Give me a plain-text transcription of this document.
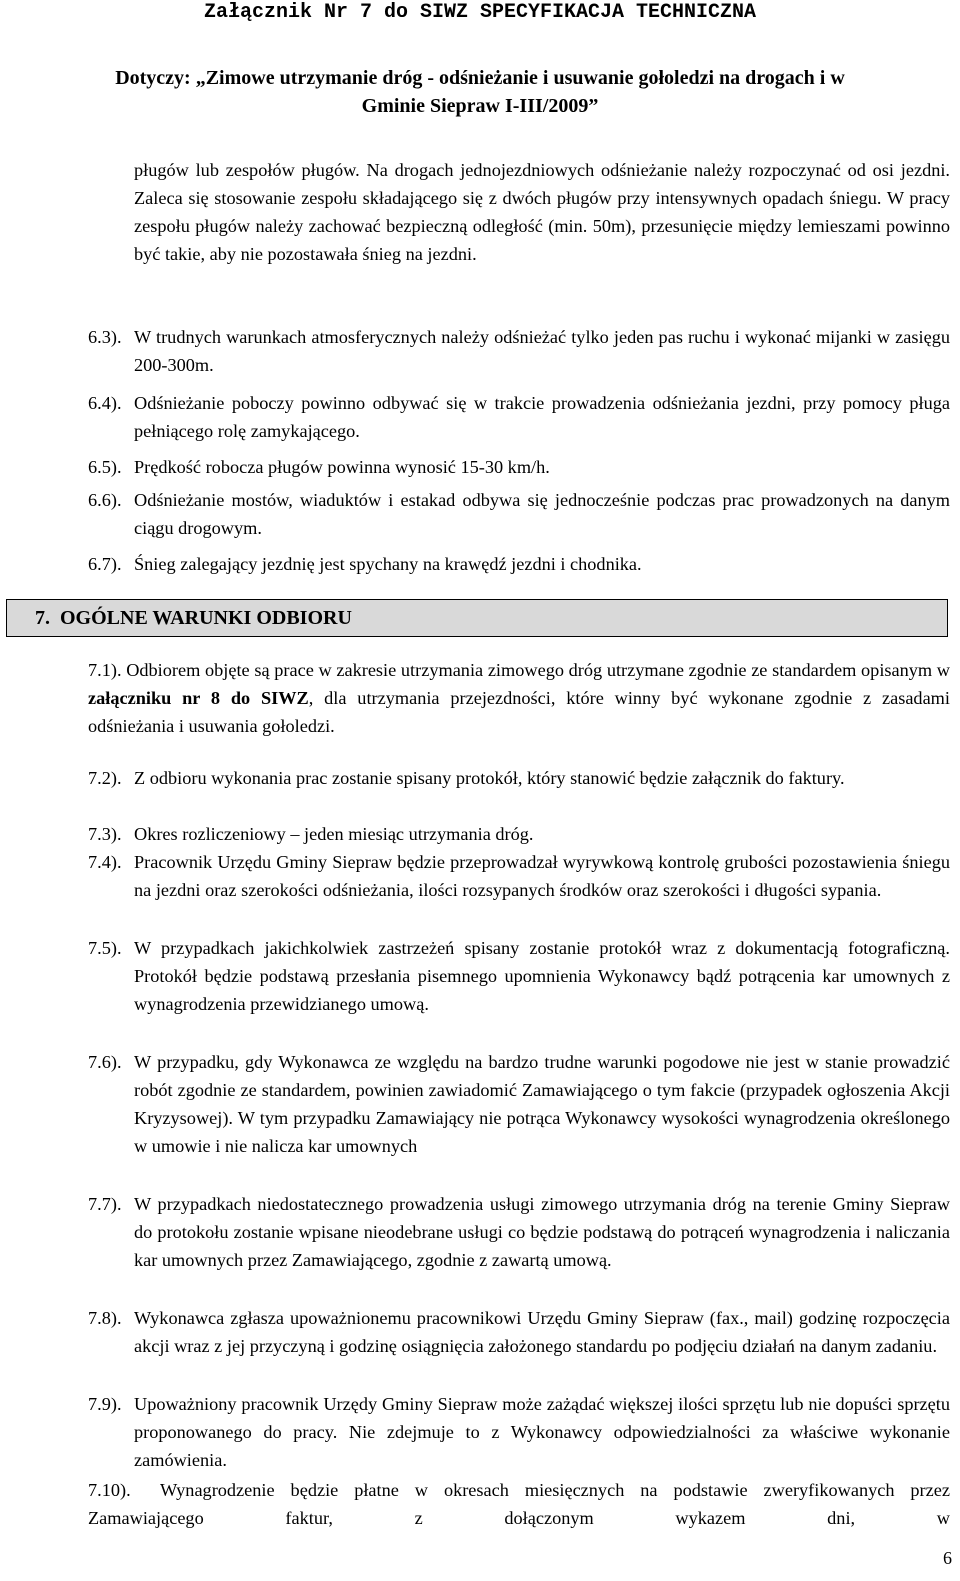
Załącznik Nr 7 do SIWZ SPECYFIKACJA TECHNICZNA
Dotyczy: „Zimowe utrzymanie dróg - odśnieżanie i usuwanie gołoledzi na drogach i w
Gminie Siepraw I-III/2009”

pługów lub zespołów pługów. Na drogach jednojezdniowych odśnieżanie należy rozpoczynać od osi jezdni. Zaleca się stosowanie zespołu składającego się z dwóch pługów przy intensywnych opadach śniegu. W pracy zespołu pługów należy zachować bezpieczną odległość (min. 50m), przesunięcie między lemieszami powinno być takie, aby nie pozostawała śnieg na jezdni.

6.3). W trudnych warunkach atmosferycznych należy odśnieżać tylko jeden pas ruchu i wykonać mijanki w zasięgu 200-300m.

6.4). Odśnieżanie poboczy powinno odbywać się w trakcie prowadzenia odśnieżania jezdni, przy pomocy pługa pełniącego rolę zamykającego.

6.5). Prędkość robocza pługów powinna wynosić 15-30 km/h.

6.6). Odśnieżanie mostów, wiaduktów i estakad odbywa się jednocześnie podczas prac prowadzonych na danym ciągu drogowym.

6.7). Śnieg zalegający jezdnię jest spychany na krawędź jezdni i chodnika.

7.  OGÓLNE WARUNKI ODBIORU

7.1). Odbiorem objęte są prace w zakresie utrzymania zimowego dróg utrzymane zgodnie ze standardem opisanym w załączniku nr 8 do SIWZ, dla utrzymania przejezdności, które winny być wykonane zgodnie z zasadami odśnieżania i usuwania gołoledzi.

7.2). Z odbioru wykonania prac zostanie spisany protokół, który stanowić będzie załącznik do faktury.

7.3). Okres rozliczeniowy – jeden miesiąc utrzymania dróg.

7.4). Pracownik Urzędu Gminy Siepraw będzie przeprowadzał wyrywkową kontrolę grubości pozostawienia śniegu na jezdni oraz szerokości odśnieżania, ilości rozsypanych środków oraz szerokości i długości sypania.

7.5). W przypadkach jakichkolwiek zastrzeżeń spisany zostanie protokół wraz z dokumentacją fotograficzną. Protokół będzie podstawą przesłania pisemnego upomnienia Wykonawcy bądź potrącenia kar umownych z wynagrodzenia przewidzianego umową.

7.6). W przypadku, gdy Wykonawca ze względu na bardzo trudne warunki pogodowe nie jest w stanie prowadzić robót zgodnie ze standardem, powinien zawiadomić Zamawiającego o tym fakcie (przypadek ogłoszenia Akcji Kryzysowej). W tym przypadku Zamawiający nie potrąca Wykonawcy wysokości wynagrodzenia określonego w umowie i nie nalicza kar umownych

7.7). W przypadkach niedostatecznego prowadzenia usługi zimowego utrzymania dróg na terenie Gminy Siepraw do protokołu zostanie wpisane nieodebrane usługi co będzie podstawą do potrąceń wynagrodzenia i naliczania kar umownych przez Zamawiającego, zgodnie z zawartą umową.

7.8). Wykonawca zgłasza upoważnionemu pracownikowi Urzędu Gminy Siepraw (fax., mail) godzinę rozpoczęcia akcji wraz z jej przyczyną i godzinę osiągnięcia założonego standardu po podjęciu działań na danym zadaniu.

7.9). Upoważniony pracownik Urzędy Gminy Siepraw może zażądać większej ilości sprzętu lub nie dopuści sprzętu proponowanego do pracy. Nie zdejmuje to z Wykonawcy odpowiedzialności za właściwe wykonanie zamówienia.

7.10).	Wynagrodzenie będzie płatne w okresach miesięcznych na podstawie zweryfikowanych przez Zamawiającego faktur, z dołączonym wykazem dni, w

6
